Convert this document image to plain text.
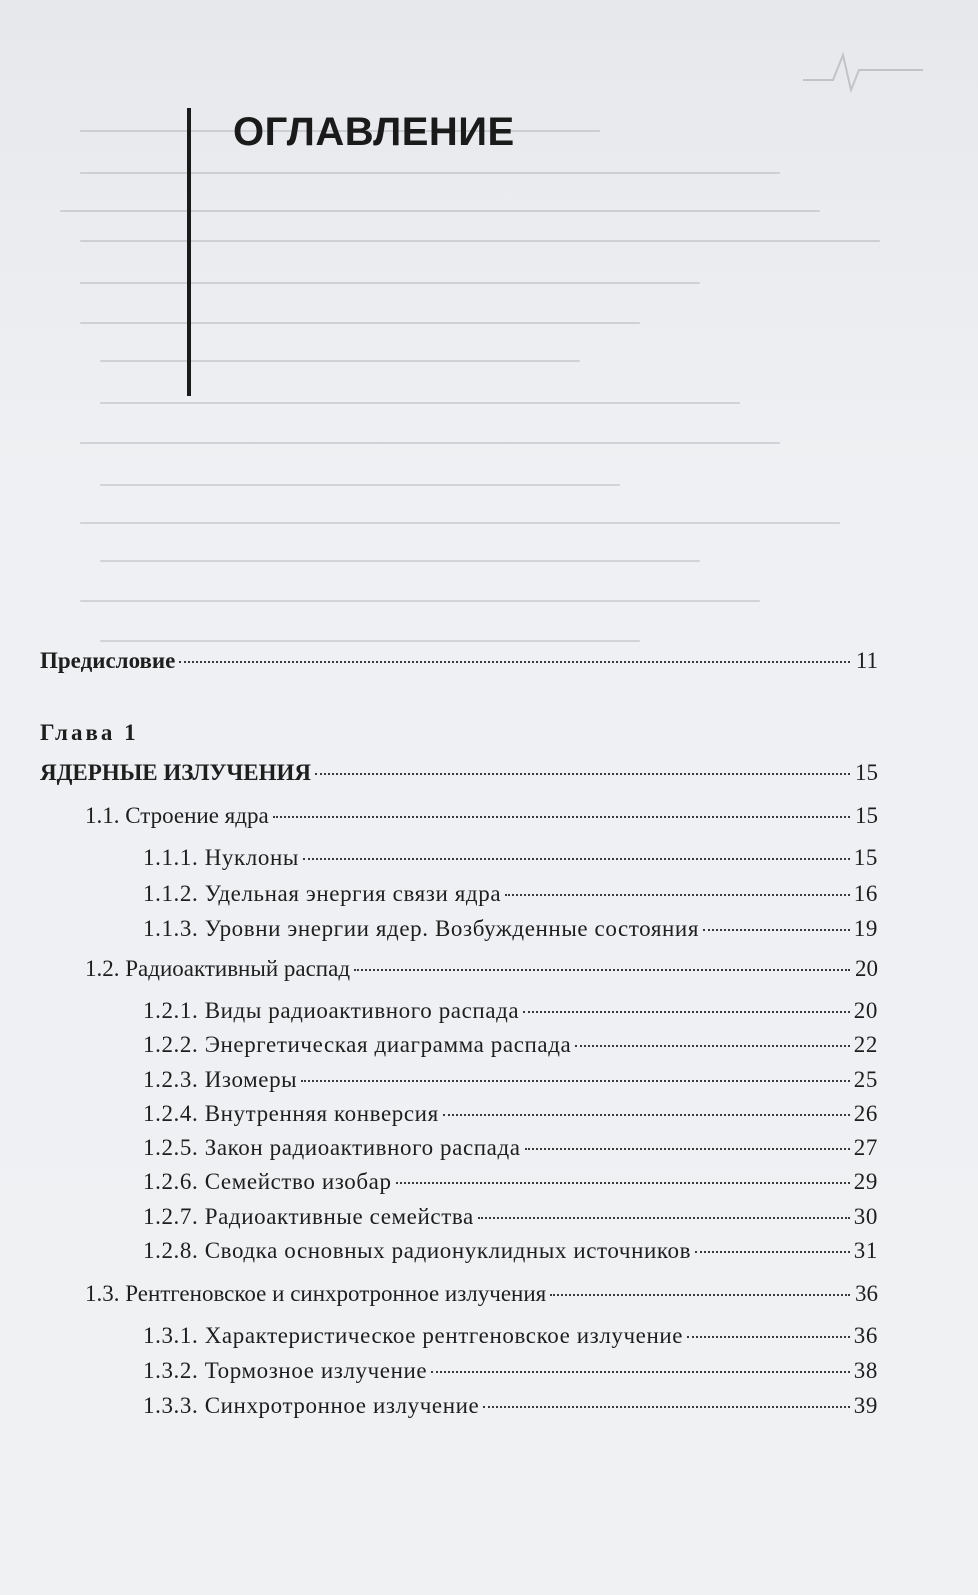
ОГЛАВЛЕНИЕ
Предисловие	11
Глава 1
ЯДЕРНЫЕ ИЗЛУЧЕНИЯ	15
1.1. Строение ядра	15
1.1.1. Нуклоны	15
1.1.2. Удельная энергия связи ядра	16
1.1.3. Уровни энергии ядер. Возбужденные состояния	19
1.2. Радиоактивный распад	20
1.2.1. Виды радиоактивного распада	20
1.2.2. Энергетическая диаграмма распада	22
1.2.3. Изомеры	25
1.2.4. Внутренняя конверсия	26
1.2.5. Закон радиоактивного распада	27
1.2.6. Семейство изобар	29
1.2.7. Радиоактивные семейства	30
1.2.8. Сводка основных радионуклидных источников	31
1.3. Рентгеновское и синхротронное излучения	36
1.3.1. Характеристическое рентгеновское излучение	36
1.3.2. Тормозное излучение	38
1.3.3. Синхротронное излучение	39
